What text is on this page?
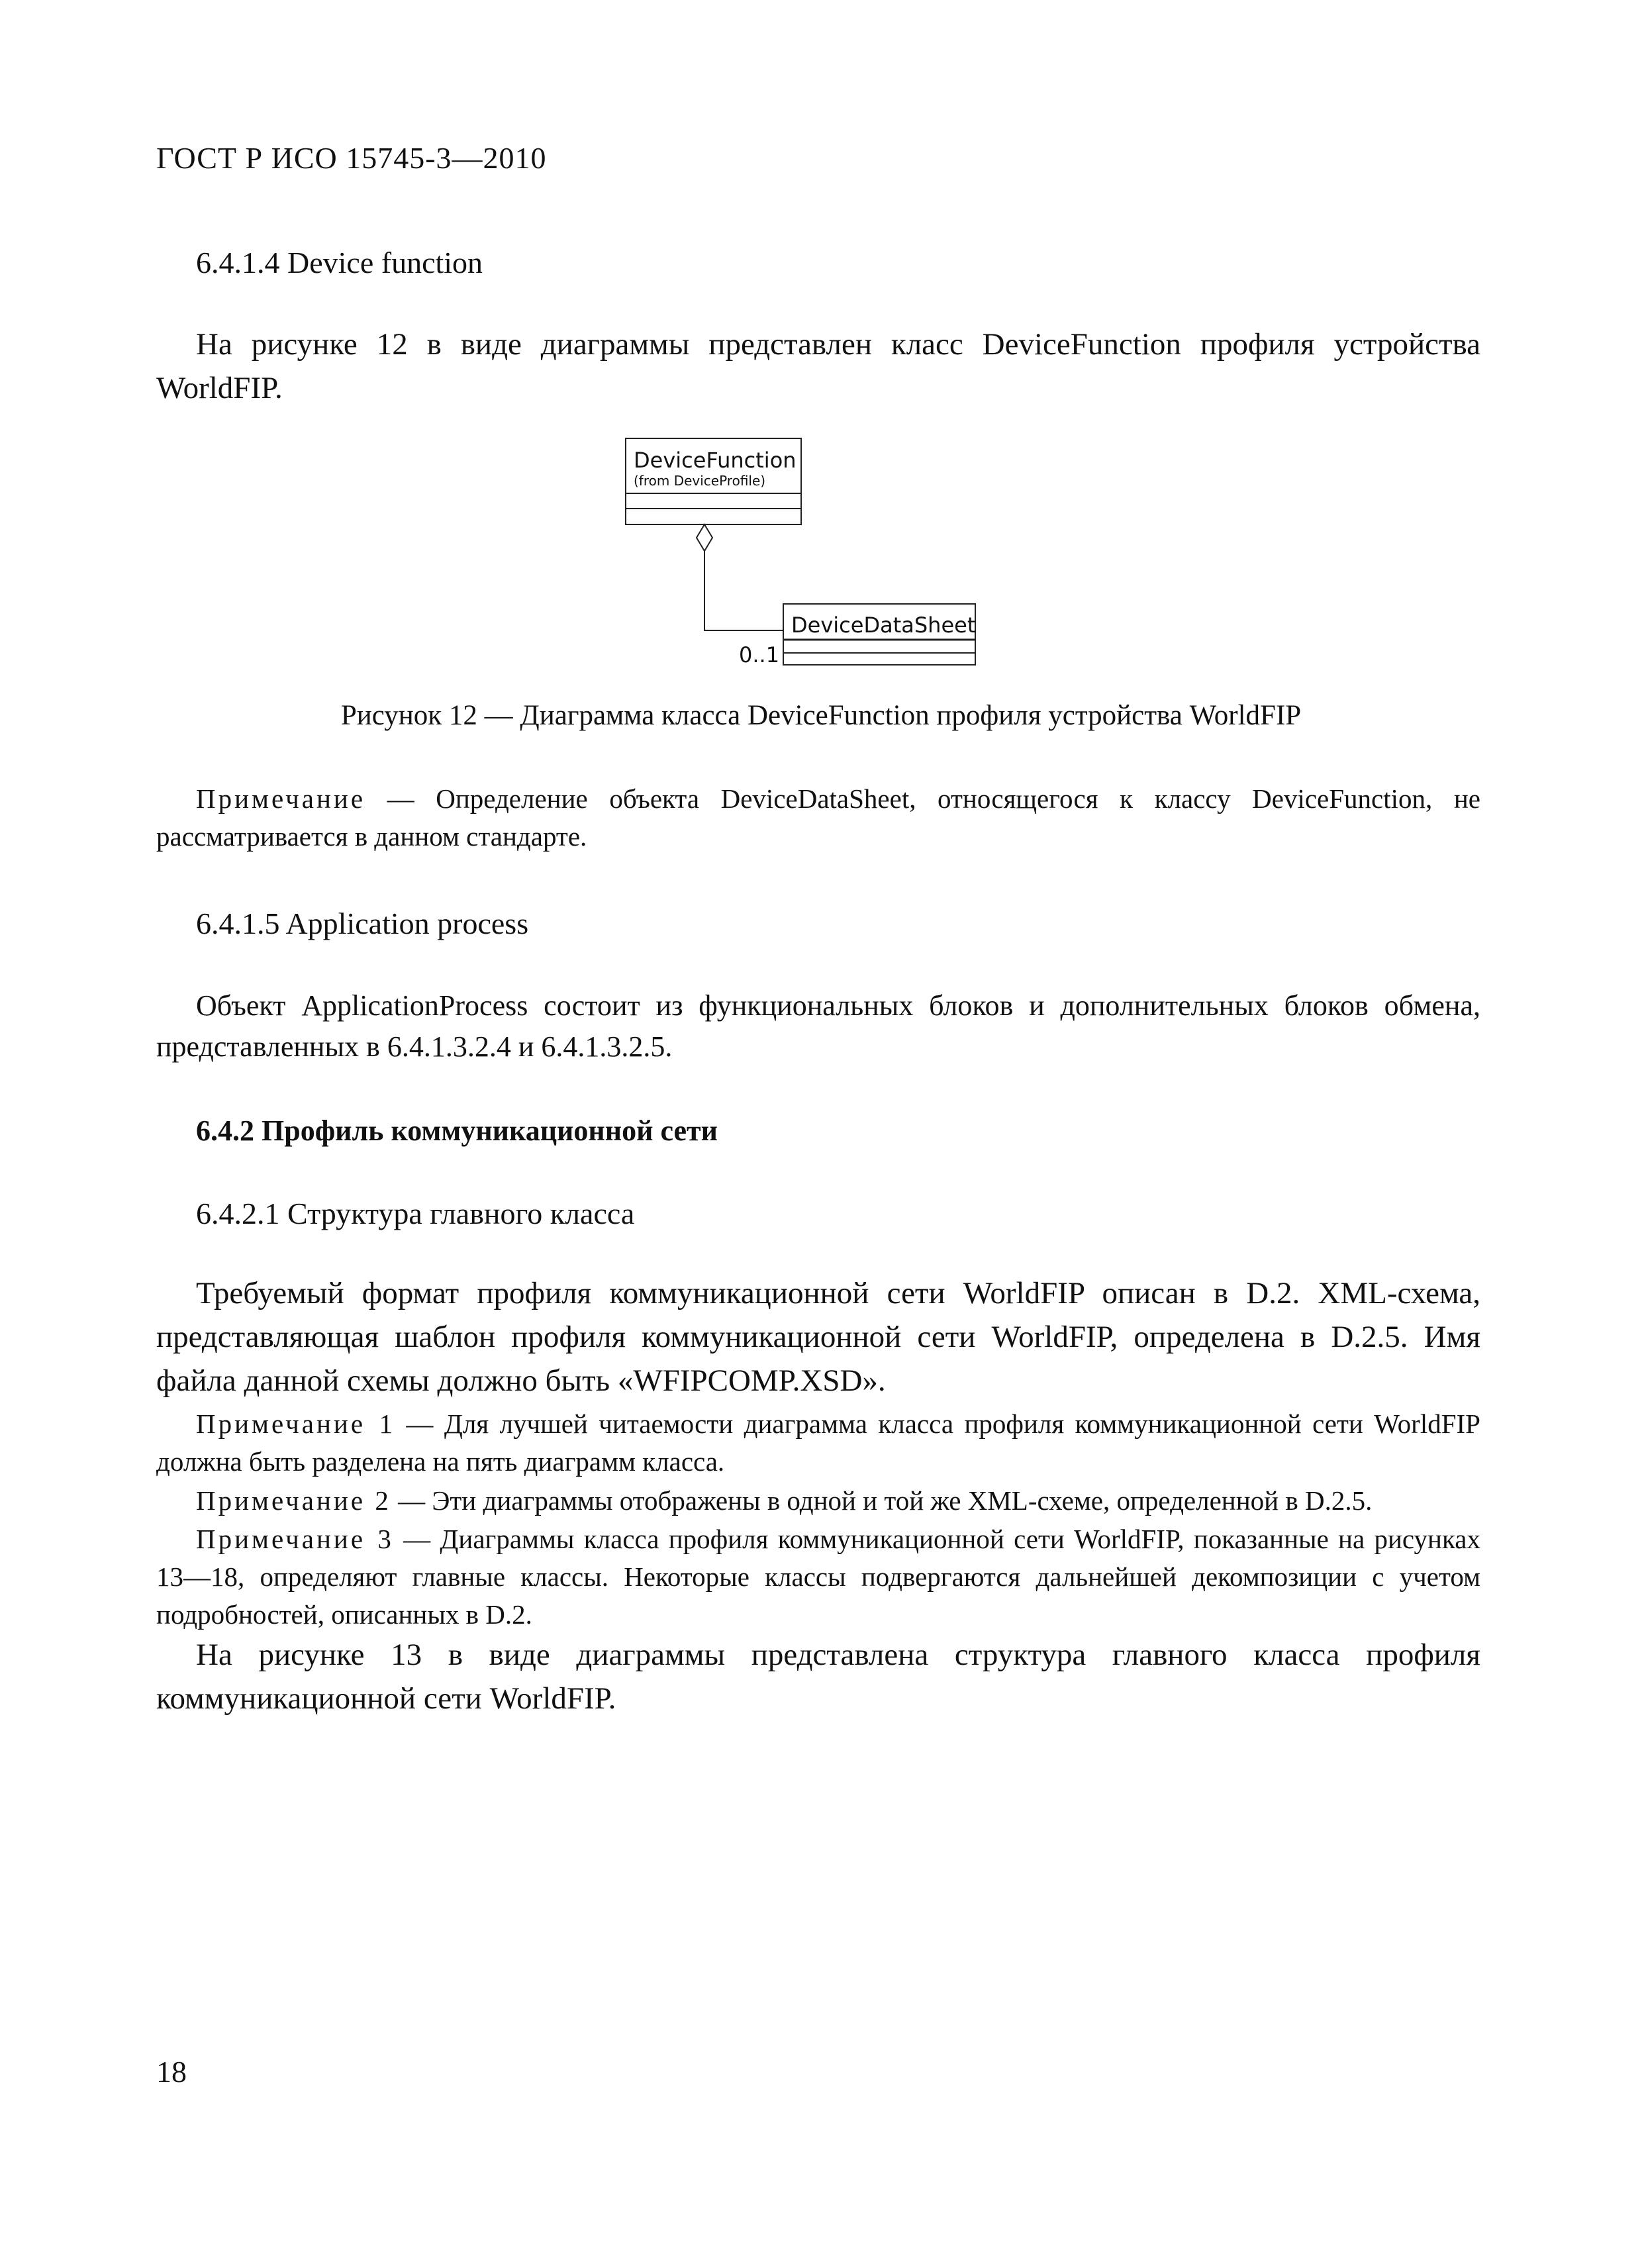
ГОСТ Р ИСО 15745-3—2010

6.4.1.4 Device function

На рисунке 12 в виде диаграммы представлен класс DeviceFunction профиля устройства WorldFIP.

DeviceFunction
(from DeviceProfile)
DeviceDataSheet
0..1
Рисунок 12 — Диаграмма класса DeviceFunction профиля устройства WorldFIP

Примечание — Определение объекта DeviceDataSheet, относящегося к классу DeviceFunction, не рассматривается в данном стандарте.

6.4.1.5 Application process

Объект ApplicationProcess состоит из функциональных блоков и дополнительных блоков обмена, представленных в 6.4.1.3.2.4 и 6.4.1.3.2.5.

6.4.2 Профиль коммуникационной сети

6.4.2.1 Структура главного класса

Требуемый формат профиля коммуникационной сети WorldFIP описан в D.2. XML-схема, представляющая шаблон профиля коммуникационной сети WorldFIP, определена в D.2.5. Имя файла данной схемы должно быть «WFIPCOMP.XSD».

Примечание 1 — Для лучшей читаемости диаграмма класса профиля коммуникационной сети WorldFIP должна быть разделена на пять диаграмм класса.

Примечание 2 — Эти диаграммы отображены в одной и той же XML-схеме, определенной в D.2.5.

Примечание 3 — Диаграммы класса профиля коммуникационной сети WorldFIP, показанные на рисунках 13—18, определяют главные классы. Некоторые классы подвергаются дальнейшей декомпозиции с учетом подробностей, описанных в D.2.

На рисунке 13 в виде диаграммы представлена структура главного класса профиля коммуникационной сети WorldFIP.

18
